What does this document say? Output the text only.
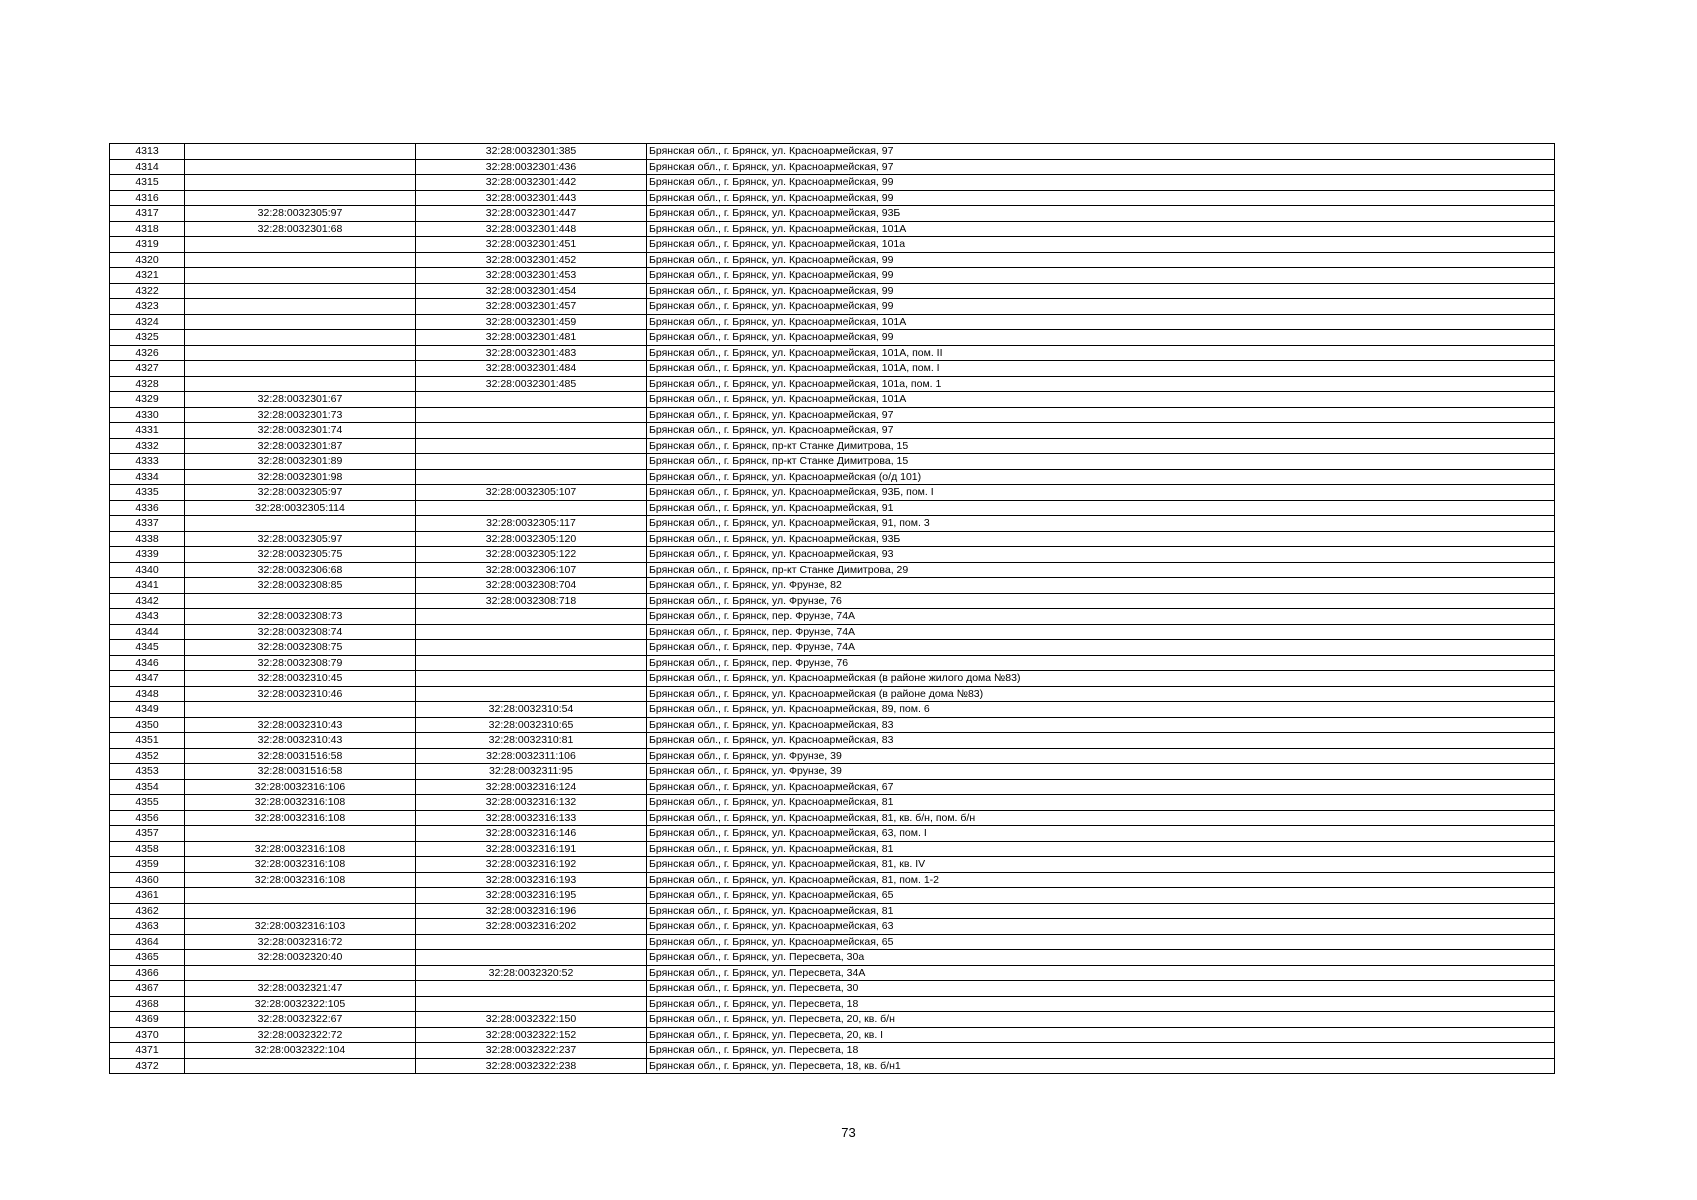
4313		32:28:0032301:385	Брянская обл., г. Брянск, ул. Красноармейская, 97
4314		32:28:0032301:436	Брянская обл., г. Брянск, ул. Красноармейская, 97
4315		32:28:0032301:442	Брянская обл., г. Брянск, ул. Красноармейская, 99
4316		32:28:0032301:443	Брянская обл., г. Брянск, ул. Красноармейская, 99
4317	32:28:0032305:97	32:28:0032301:447	Брянская обл., г. Брянск, ул. Красноармейская, 93Б
4318	32:28:0032301:68	32:28:0032301:448	Брянская обл., г. Брянск, ул. Красноармейская, 101А
4319		32:28:0032301:451	Брянская обл., г. Брянск, ул. Красноармейская, 101а
4320		32:28:0032301:452	Брянская обл., г. Брянск, ул. Красноармейская, 99
4321		32:28:0032301:453	Брянская обл., г. Брянск, ул. Красноармейская, 99
4322		32:28:0032301:454	Брянская обл., г. Брянск, ул. Красноармейская, 99
4323		32:28:0032301:457	Брянская обл., г. Брянск, ул. Красноармейская, 99
4324		32:28:0032301:459	Брянская обл., г. Брянск, ул. Красноармейская, 101А
4325		32:28:0032301:481	Брянская обл., г. Брянск, ул. Красноармейская, 99
4326		32:28:0032301:483	Брянская обл., г. Брянск, ул. Красноармейская, 101А, пом. II
4327		32:28:0032301:484	Брянская обл., г. Брянск, ул. Красноармейская, 101А, пом. I
4328		32:28:0032301:485	Брянская обл., г. Брянск, ул. Красноармейская, 101а, пом. 1
4329	32:28:0032301:67		Брянская обл., г. Брянск, ул. Красноармейская, 101А
4330	32:28:0032301:73		Брянская обл., г. Брянск, ул. Красноармейская, 97
4331	32:28:0032301:74		Брянская обл., г. Брянск, ул. Красноармейская, 97
4332	32:28:0032301:87		Брянская обл., г. Брянск, пр-кт Станке Димитрова, 15
4333	32:28:0032301:89		Брянская обл., г. Брянск, пр-кт Станке Димитрова, 15
4334	32:28:0032301:98		Брянская обл., г. Брянск, ул. Красноармейская (о/д 101)
4335	32:28:0032305:97	32:28:0032305:107	Брянская обл., г. Брянск, ул. Красноармейская, 93Б, пом. I
4336	32:28:0032305:114		Брянская обл., г. Брянск, ул. Красноармейская, 91
4337		32:28:0032305:117	Брянская обл., г. Брянск, ул. Красноармейская, 91, пом. 3
4338	32:28:0032305:97	32:28:0032305:120	Брянская обл., г. Брянск, ул. Красноармейская, 93Б
4339	32:28:0032305:75	32:28:0032305:122	Брянская обл., г. Брянск, ул. Красноармейская, 93
4340	32:28:0032306:68	32:28:0032306:107	Брянская обл., г. Брянск, пр-кт Станке Димитрова, 29
4341	32:28:0032308:85	32:28:0032308:704	Брянская обл., г. Брянск, ул. Фрунзе, 82
4342		32:28:0032308:718	Брянская обл., г. Брянск, ул. Фрунзе, 76
4343	32:28:0032308:73		Брянская обл., г. Брянск, пер. Фрунзе, 74А
4344	32:28:0032308:74		Брянская обл., г. Брянск, пер. Фрунзе, 74А
4345	32:28:0032308:75		Брянская обл., г. Брянск, пер. Фрунзе, 74А
4346	32:28:0032308:79		Брянская обл., г. Брянск, пер. Фрунзе, 76
4347	32:28:0032310:45		Брянская обл., г. Брянск, ул. Красноармейская (в районе жилого дома №83)
4348	32:28:0032310:46		Брянская обл., г. Брянск, ул. Красноармейская (в районе дома №83)
4349		32:28:0032310:54	Брянская обл., г. Брянск, ул. Красноармейская, 89, пом. 6
4350	32:28:0032310:43	32:28:0032310:65	Брянская обл., г. Брянск, ул. Красноармейская, 83
4351	32:28:0032310:43	32:28:0032310:81	Брянская обл., г. Брянск, ул. Красноармейская, 83
4352	32:28:0031516:58	32:28:0032311:106	Брянская обл., г. Брянск, ул. Фрунзе, 39
4353	32:28:0031516:58	32:28:0032311:95	Брянская обл., г. Брянск, ул. Фрунзе, 39
4354	32:28:0032316:106	32:28:0032316:124	Брянская обл., г. Брянск, ул. Красноармейская, 67
4355	32:28:0032316:108	32:28:0032316:132	Брянская обл., г. Брянск, ул. Красноармейская, 81
4356	32:28:0032316:108	32:28:0032316:133	Брянская обл., г. Брянск, ул. Красноармейская, 81, кв. б/н, пом. б/н
4357		32:28:0032316:146	Брянская обл., г. Брянск, ул. Красноармейская, 63, пом. I
4358	32:28:0032316:108	32:28:0032316:191	Брянская обл., г. Брянск, ул. Красноармейская, 81
4359	32:28:0032316:108	32:28:0032316:192	Брянская обл., г. Брянск, ул. Красноармейская, 81, кв. IV
4360	32:28:0032316:108	32:28:0032316:193	Брянская обл., г. Брянск, ул. Красноармейская, 81, пом. 1-2
4361		32:28:0032316:195	Брянская обл., г. Брянск, ул. Красноармейская, 65
4362		32:28:0032316:196	Брянская обл., г. Брянск, ул. Красноармейская, 81
4363	32:28:0032316:103	32:28:0032316:202	Брянская обл., г. Брянск, ул. Красноармейская, 63
4364	32:28:0032316:72		Брянская обл., г. Брянск, ул. Красноармейская, 65
4365	32:28:0032320:40		Брянская обл., г. Брянск, ул. Пересвета, 30а
4366		32:28:0032320:52	Брянская обл., г. Брянск, ул. Пересвета, 34А
4367	32:28:0032321:47		Брянская обл., г. Брянск, ул. Пересвета, 30
4368	32:28:0032322:105		Брянская обл., г. Брянск, ул. Пересвета, 18
4369	32:28:0032322:67	32:28:0032322:150	Брянская обл., г. Брянск, ул. Пересвета, 20, кв. б/н
4370	32:28:0032322:72	32:28:0032322:152	Брянская обл., г. Брянск, ул. Пересвета, 20, кв. I
4371	32:28:0032322:104	32:28:0032322:237	Брянская обл., г. Брянск, ул. Пересвета, 18
4372		32:28:0032322:238	Брянская обл., г. Брянск, ул. Пересвета, 18, кв. б/н1
73
